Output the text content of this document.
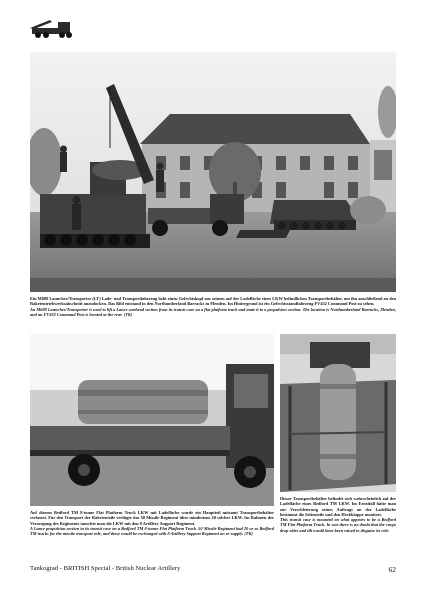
Ein M688 Launcher/Transporter (LT) Lade- und Transportfahrzeug hebt einen Gefechtskopf aus seinem auf der Ladefläche eines LKW befindlichen Transportbehälter, um ihn anschließend an den Raketentriebwerksabschnitt anzudocken. Das Bild entstand in den Northumberland Barracks in Menden. Im Hintergrund ist ein Gefechtsstandfahrzeug FV432 Command Post zu sehen.
An M688 Launcher/Transporter is used to lift a Lance warhead section from its transit case on a flat platform truck and mate it to a propulsion section. The location is Northumberland Barracks, Menden, and an FV432 Command Post is located at the rear. (TK)
Auf diesem Bedford TM 8-tonne Flat Platform Truck LKW mit Ladefläche wurde ein Hauptteil mitsamt Transportbehälter verlastet. Für den Transport der Raketenteile verfügte das 50 Missile Regiment über mindestens 20 solcher LKW. Im Rahmen der Versorgung des Regiments tauschte man die LKW mit den 8 Artillery Support Regiment.
A Lance propulsion section in its transit case on a Bedford TM 8-tonne Flat Platform Truck. 50 Missile Regiment had 20 or so Bedford TM trucks for the missile transport role, and these would be exchanged with 8 Artillery Support Regiment on re-supply. (TK)
Dieser Transportbehälter befindet sich wahrscheinlich auf der Ladefläche eines Bedford TM LKW. Im Ernstfall hätte man zur Verschleierung seines Auftrags an der Ladefläche bestimmt die Seitenteile und den Heckklappe montiert.
This transit case is mounted on what appears to be a Bedford TM Flat Platform Truck. In war there is no doubt that the cargo drop-sides and tilt would have been raised to disguise its role.
Tankograd - BRITISH Special - British Nuclear Artillery	62
